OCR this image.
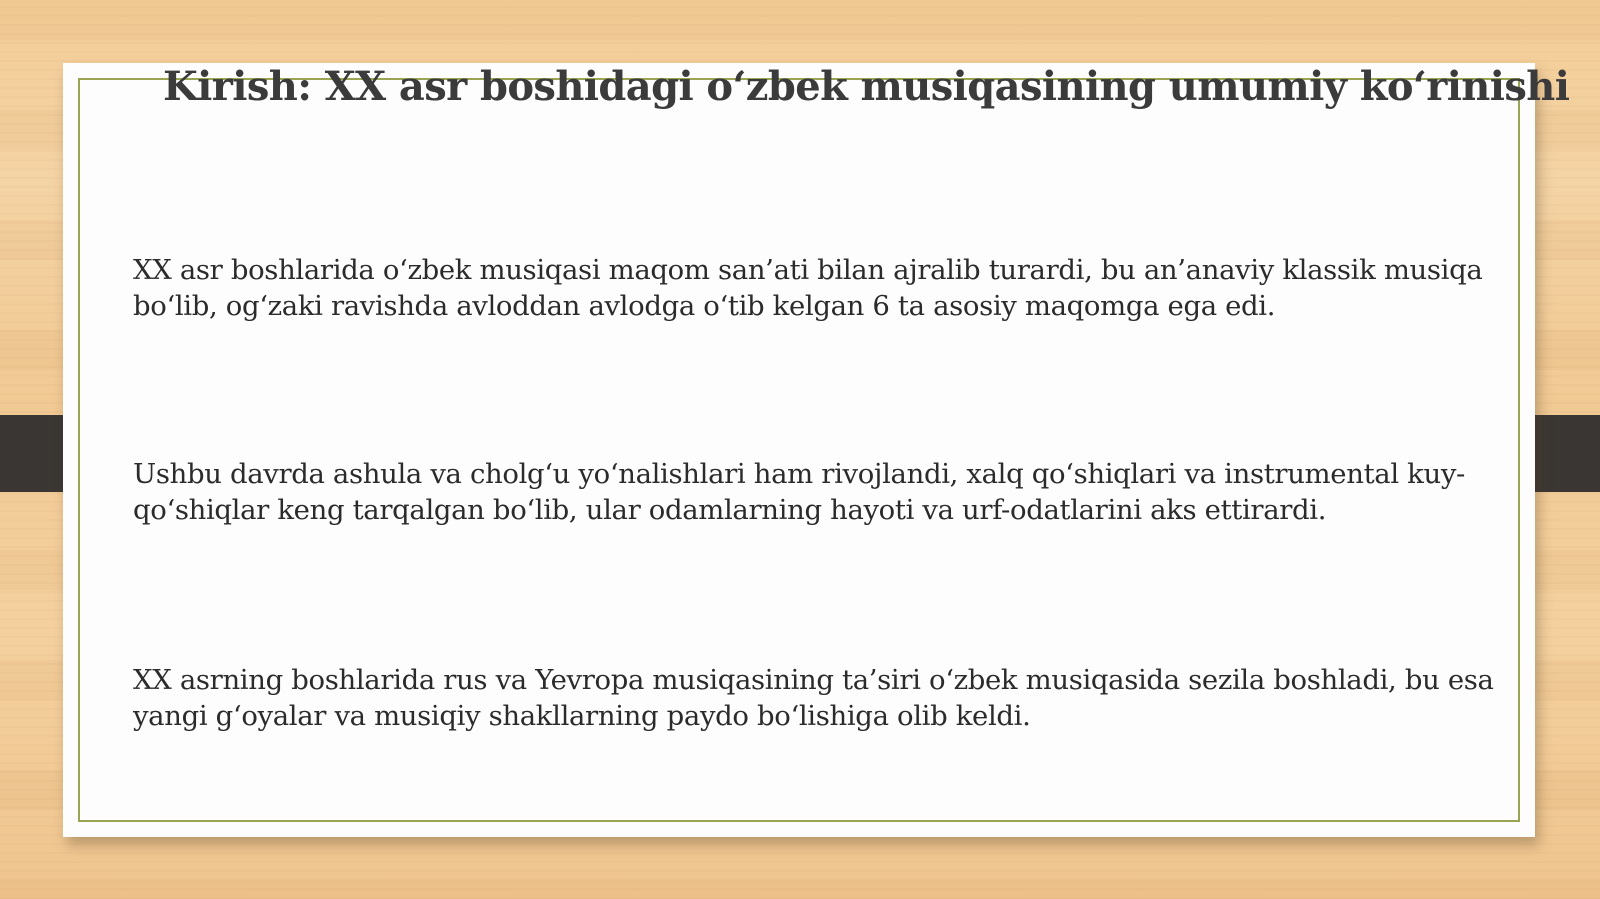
Kirish: XX asr boshidagi o‘zbek musiqasining umumiy ko‘rinishi

XX asr boshlarida o‘zbek musiqasi maqom san’ati bilan ajralib turardi, bu an’anaviy klassik musiqa bo‘lib, og‘zaki ravishda avloddan avlodga o‘tib kelgan 6 ta asosiy maqomga ega edi.

Ushbu davrda ashula va cholg‘u yo‘nalishlari ham rivojlandi, xalq qo‘shiqlari va instrumental kuy-qo‘shiqlar keng tarqalgan bo‘lib, ular odamlarning hayoti va urf-odatlarini aks ettirardi.

XX asrning boshlarida rus va Yevropa musiqasining ta’siri o‘zbek musiqasida sezila boshladi, bu esa yangi g‘oyalar va musiqiy shakllarning paydo bo‘lishiga olib keldi.
